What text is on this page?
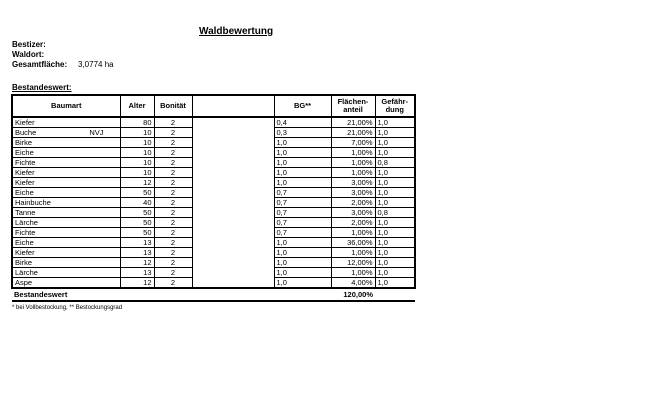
Waldbewertung
Bestizer:
Waldort:
Gesamtfläche: 3,0774 ha
Bestandeswert:
Baumart	Alter	Bonität		BG**	Flächen-anteil	Gefähr-dung
Kiefer	80	2		0,4	21,00%	1,0
Buche NVJ	10	2		0,3	21,00%	1,0
Birke	10	2		1,0	7,00%	1,0
Eiche	10	2		1,0	1,00%	1,0
Fichte	10	2		1,0	1,00%	0,8
Kiefer	10	2		1,0	1,00%	1,0
Kiefer	12	2		1,0	3,00%	1,0
Eiche	50	2		0,7	3,00%	1,0
Hainbuche	40	2		0,7	2,00%	1,0
Tanne	50	2		0,7	3,00%	0,8
Lärche	50	2		0,7	2,00%	1,0
Fichte	50	2		0,7	1,00%	1,0
Eiche	13	2		1,0	36,00%	1,0
Kiefer	13	2		1,0	1,00%	1,0
Birke	12	2		1,0	12,00%	1,0
Lärche	13	2		1,0	1,00%	1,0
Aspe	12	2		1,0	4,00%	1,0
Bestandeswert					120,00%	
* bei Vollbestockung, ** Bestockungsgrad
